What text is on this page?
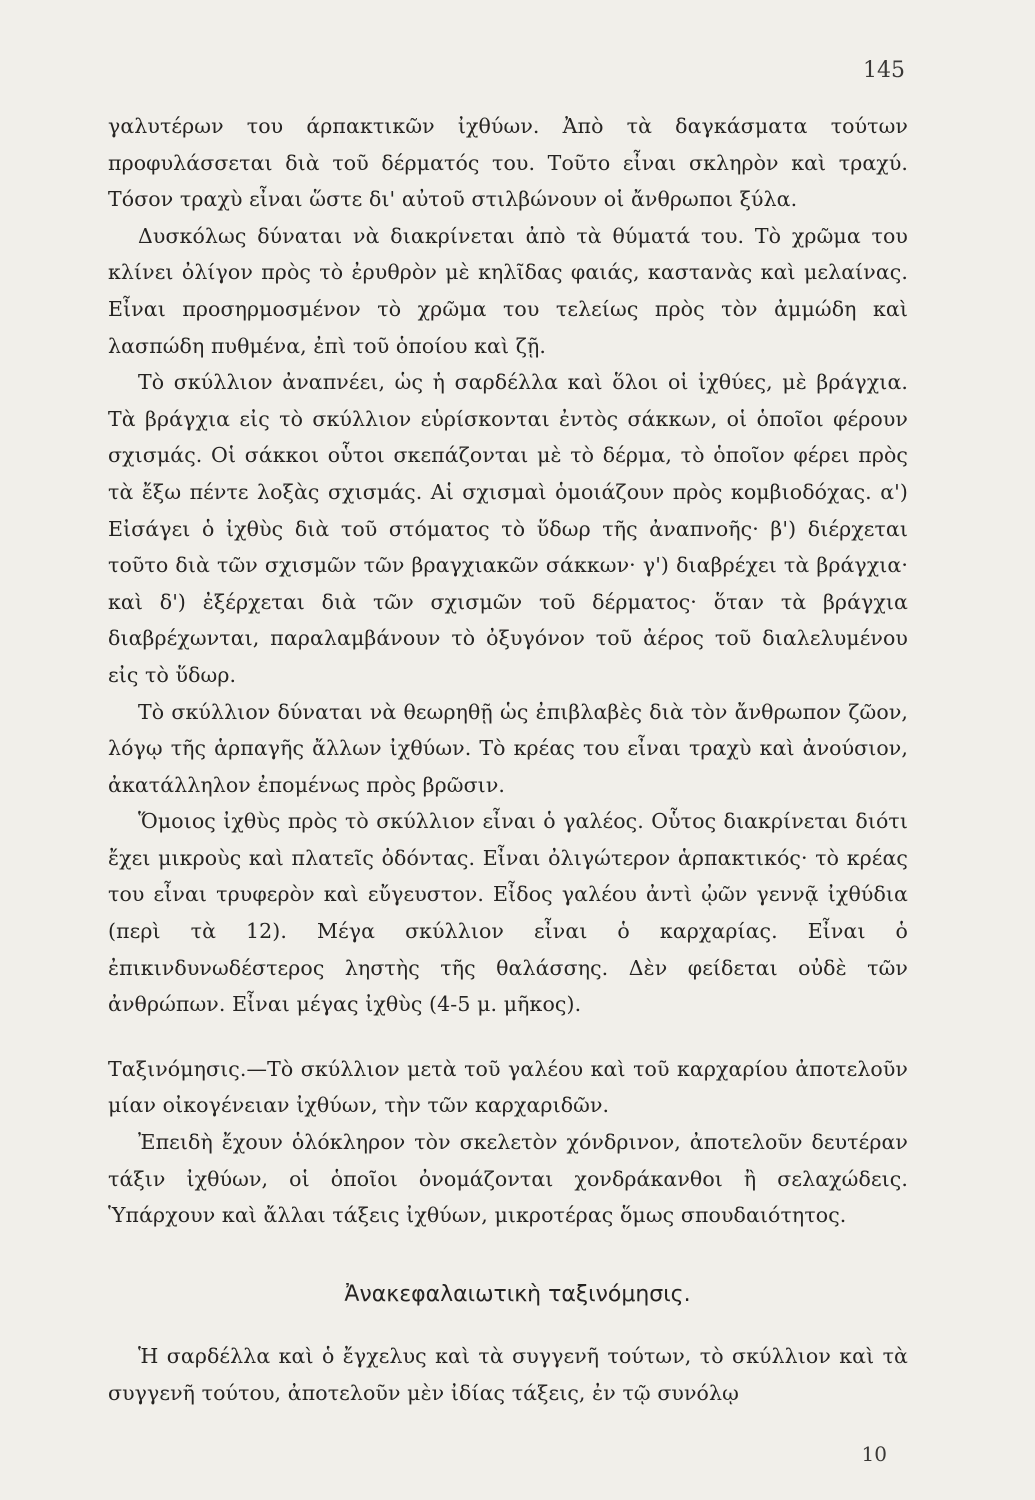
145

γαλυτέρων του άρπακτικῶν ἰχθύων. Ἀπὸ τὰ δαγκάσματα τούτων προφυλάσσεται διὰ τοῦ δέρματός του. Τοῦτο εἶναι σκληρὸν καὶ τραχύ. Τόσον τραχὺ εἶναι ὥστε δι' αὐτοῦ στιλβώνουν οἱ ἄνθρωποι ξύλα.

Δυσκόλως δύναται νὰ διακρίνεται ἀπὸ τὰ θύματά του. Τὸ χρῶμα του κλίνει ὀλίγον πρὸς τὸ ἐρυθρὸν μὲ κηλῖδας φαιάς, καστανὰς καὶ μελαίνας. Εἶναι προσηρμοσμένον τὸ χρῶμα του τελείως πρὸς τὸν ἀμμώδη καὶ λασπώδη πυθμένα, ἐπὶ τοῦ ὁποίου καὶ ζῇ.

Τὸ σκύλλιον ἀναπνέει, ὡς ἡ σαρδέλλα καὶ ὅλοι οἱ ἰχθύες, μὲ βράγχια. Τὰ βράγχια εἰς τὸ σκύλλιον εὑρίσκονται ἐντὸς σάκκων, οἱ ὁποῖοι φέρουν σχισμάς. Οἱ σάκκοι οὗτοι σκεπάζονται μὲ τὸ δέρμα, τὸ ὁποῖον φέρει πρὸς τὰ ἔξω πέντε λοξὰς σχισμάς. Αἱ σχισμαὶ ὁμοιάζουν πρὸς κομβιοδόχας. α') Εἰσάγει ὁ ἰχθὺς διὰ τοῦ στόματος τὸ ὕδωρ τῆς ἀναπνοῆς· β') διέρχεται τοῦτο διὰ τῶν σχισμῶν τῶν βραγχιακῶν σάκκων· γ') διαβρέχει τὰ βράγχια· καὶ δ') ἐξέρχεται διὰ τῶν σχισμῶν τοῦ δέρματος· ὅταν τὰ βράγχια διαβρέχωνται, παραλαμβάνουν τὸ ὀξυγόνον τοῦ ἀέρος τοῦ διαλελυμένου εἰς τὸ ὕδωρ.

Τὸ σκύλλιον δύναται νὰ θεωρηθῇ ὡς ἐπιβλαβὲς διὰ τὸν ἄνθρωπον ζῶον, λόγῳ τῆς ἁρπαγῆς ἄλλων ἰχθύων. Τὸ κρέας του εἶναι τραχὺ καὶ ἀνούσιον, ἀκατάλληλον ἐπομένως πρὸς βρῶσιν.

Ὅμοιος ἰχθὺς πρὸς τὸ σκύλλιον εἶναι ὁ γαλέος. Οὗτος διακρίνεται διότι ἔχει μικροὺς καὶ πλατεῖς ὀδόντας. Εἶναι ὀλιγώτερον ἁρπακτικός· τὸ κρέας του εἶναι τρυφερὸν καὶ εὔγευστον. Εἶδος γαλέου ἀντὶ ᾠῶν γεννᾷ ἰχθύδια (περὶ τὰ 12). Μέγα σκύλλιον εἶναι ὁ καρχαρίας. Εἶναι ὁ ἐπικινδυνωδέστερος ληστὴς τῆς θαλάσσης. Δὲν φείδεται οὐδὲ τῶν ἀνθρώπων. Εἶναι μέγας ἰχθὺς (4-5 μ. μῆκος).

Ταξινόμησις.—Τὸ σκύλλιον μετὰ τοῦ γαλέου καὶ τοῦ καρχαρίου ἀποτελοῦν μίαν οἰκογένειαν ἰχθύων, τὴν τῶν καρχαριδῶν.

Ἐπειδὴ ἔχουν ὁλόκληρον τὸν σκελετὸν χόνδρινον, ἀποτελοῦν δευτέραν τάξιν ἰχθύων, οἱ ὁποῖοι ὀνομάζονται χονδράκανθοι ἢ σελαχώδεις. Ὑπάρχουν καὶ ἄλλαι τάξεις ἰχθύων, μικροτέρας ὅμως σπουδαιότητος.

Ἀνακεφαλαιωτικὴ ταξινόμησις.

Ἡ σαρδέλλα καὶ ὁ ἔγχελυς καὶ τὰ συγγενῆ τούτων, τὸ σκύλλιον καὶ τὰ συγγενῆ τούτου, ἀποτελοῦν μὲν ἰδίας τάξεις, ἐν τῷ συνόλῳ

10
